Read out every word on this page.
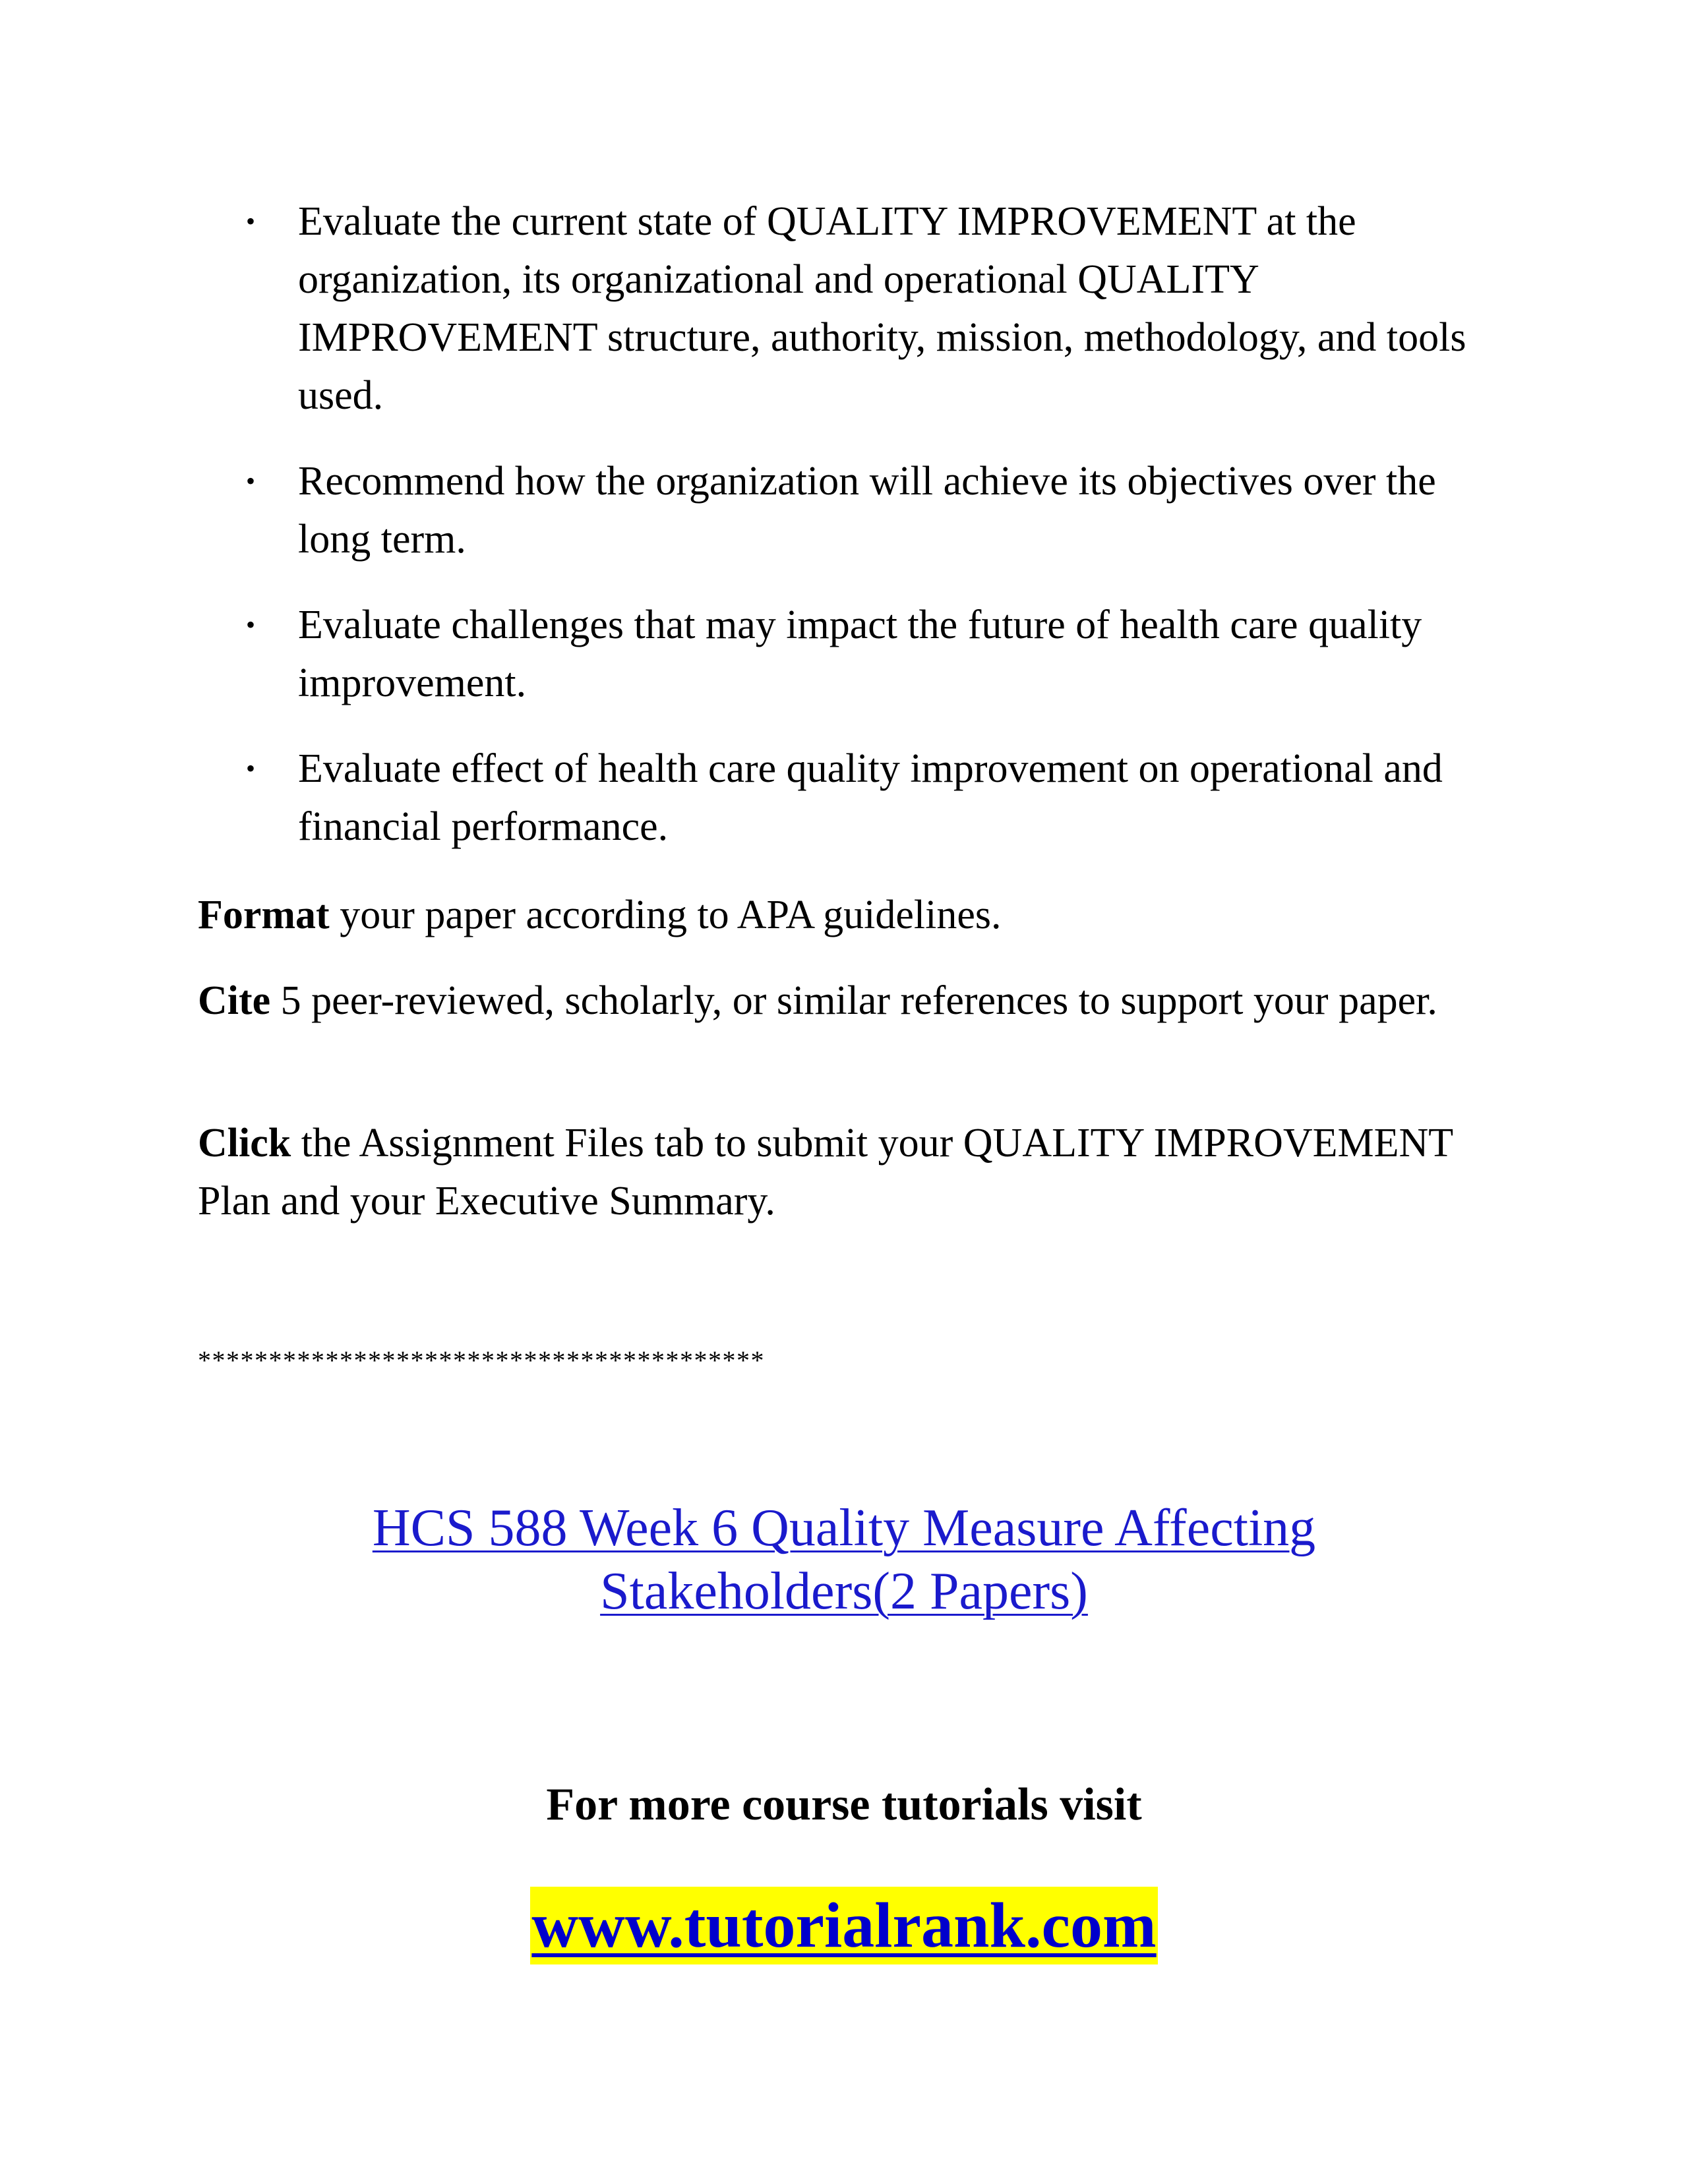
• Evaluate the current state of QUALITY IMPROVEMENT at the organization, its organizational and operational QUALITY IMPROVEMENT structure, authority, mission, methodology, and tools used.
• Recommend how the organization will achieve its objectives over the long term.
• Evaluate challenges that may impact the future of health care quality improvement.
• Evaluate effect of health care quality improvement on operational and financial performance.

Format your paper according to APA guidelines.

Cite 5 peer-reviewed, scholarly, or similar references to support your paper.

Click the Assignment Files tab to submit your QUALITY IMPROVEMENT Plan and your Executive Summary.

****************************************

HCS 588 Week 6 Quality Measure Affecting
Stakeholders(2 Papers)

For more course tutorials visit

www.tutorialrank.com
